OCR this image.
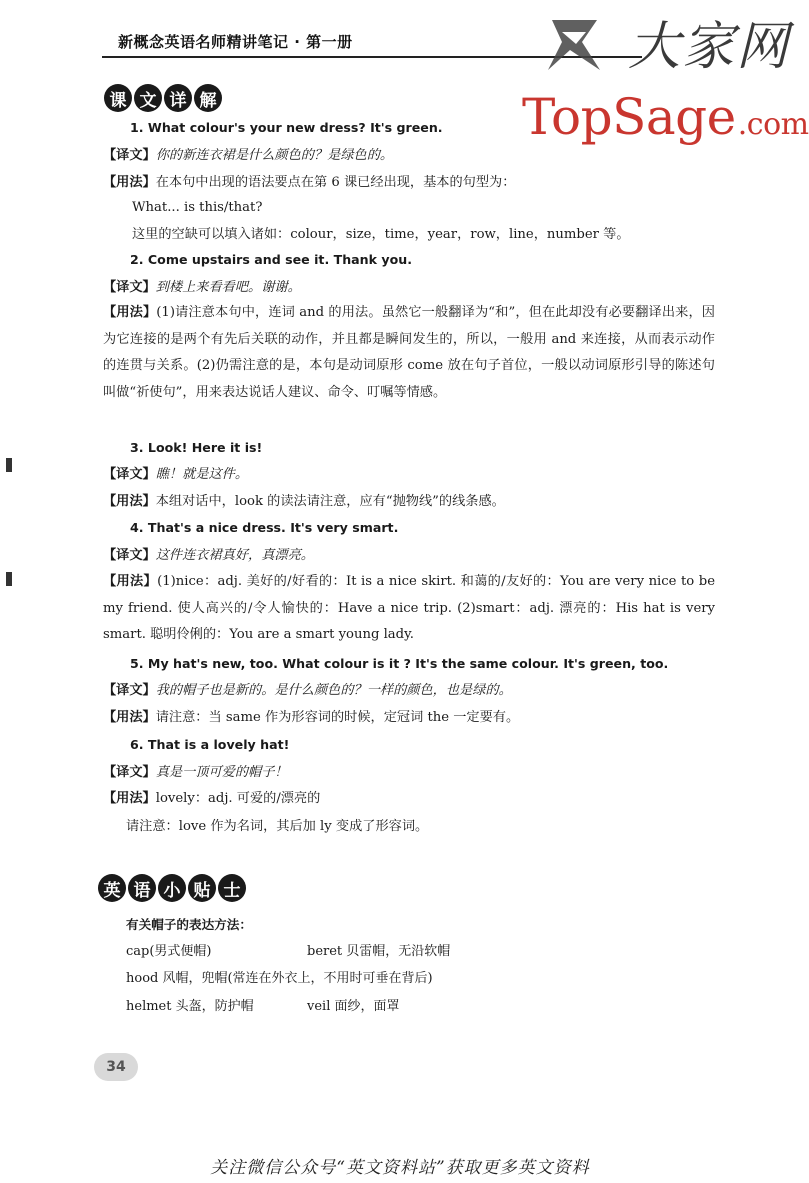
新概念英语名师精讲笔记 · 第一册	大家网
TopSage.com
课 文 详 解
1. What colour's your new dress? It's green.
【译文】你的新连衣裙是什么颜色的？是绿色的。
【用法】在本句中出现的语法要点在第 6 课已经出现，基本的句型为：
What... is this/that?
这里的空缺可以填入诸如：colour，size，time，year，row，line，number 等。
2. Come upstairs and see it. Thank you.
【译文】到楼上来看看吧。谢谢。
【用法】(1)请注意本句中，连词 and 的用法。虽然它一般翻译为“和”，但在此却没有必要翻译出来，因为它连接的是两个有先后关联的动作，并且都是瞬间发生的，所以，一般用 and 来连接，从而表示动作的连贯与关系。(2)仍需注意的是，本句是动词原形 come 放在句子首位，一般以动词原形引导的陈述句叫做“祈使句”，用来表达说话人建议、命令、叮嘱等情感。
3. Look! Here it is!
【译文】瞧！就是这件。
【用法】本组对话中，look 的读法请注意，应有“抛物线”的线条感。
4. That's a nice dress. It's very smart.
【译文】这件连衣裙真好，真漂亮。
【用法】(1)nice：adj. 美好的/好看的：It is a nice skirt. 和蔼的/友好的：You are very nice to be my friend. 使人高兴的/令人愉快的：Have a nice trip. (2)smart：adj. 漂亮的：His hat is very smart. 聪明伶俐的：You are a smart young lady.
5. My hat's new, too. What colour is it ? It's the same colour. It's green, too.
【译文】我的帽子也是新的。是什么颜色的？一样的颜色，也是绿的。
【用法】请注意：当 same 作为形容词的时候，定冠词 the 一定要有。
6. That is a lovely hat!
【译文】真是一顶可爱的帽子！
【用法】lovely：adj. 可爱的/漂亮的
请注意：love 作为名词，其后加 ly 变成了形容词。
英 语 小 贴 士
有关帽子的表达方法：
cap(男式便帽)	beret 贝雷帽，无沿软帽
hood 风帽，兜帽(常连在外衣上，不用时可垂在背后)
helmet 头盔，防护帽	veil 面纱，面罩
34
关注微信公众号“英文资料站”获取更多英文资料
